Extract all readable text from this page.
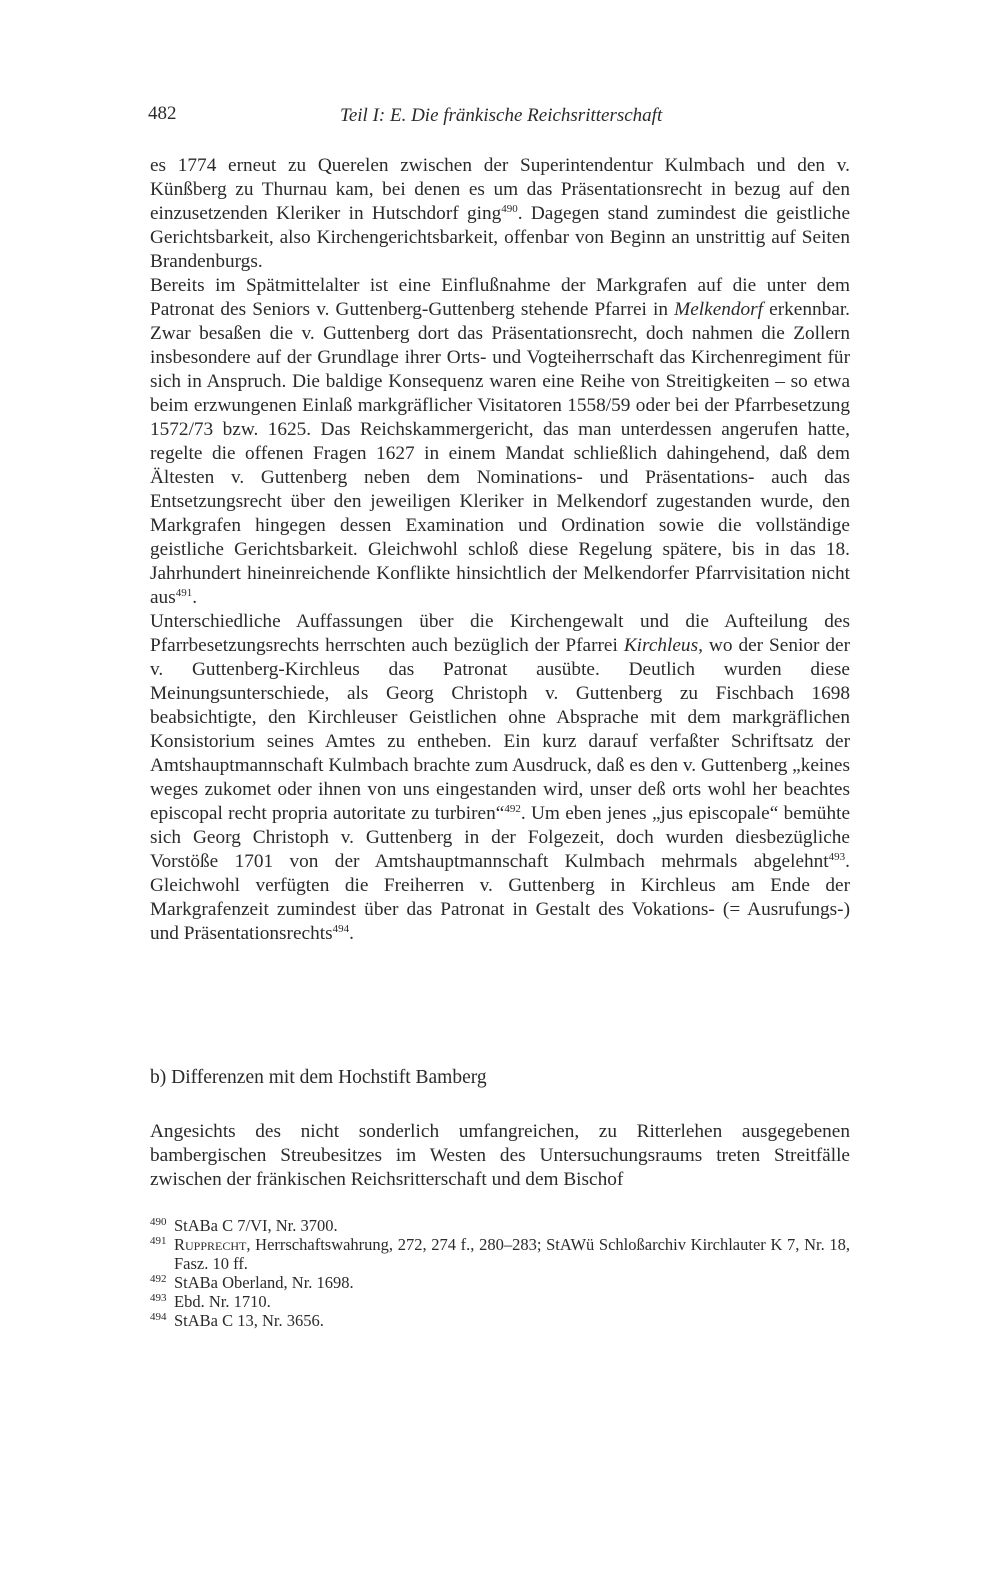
482	Teil I: E. Die fränkische Reichsritterschaft

es 1774 erneut zu Querelen zwischen der Superintendentur Kulmbach und den v. Künßberg zu Thurnau kam, bei denen es um das Präsentationsrecht in bezug auf den einzusetzenden Kleriker in Hutschdorf ging$^{490}$. Dagegen stand zumindest die geistliche Gerichtsbarkeit, also Kirchengerichtsbarkeit, offenbar von Beginn an unstrittig auf Seiten Brandenburgs.

Bereits im Spätmittelalter ist eine Einflußnahme der Markgrafen auf die unter dem Patronat des Seniors v. Guttenberg-Guttenberg stehende Pfarrei in Melkendorf erkennbar. Zwar besaßen die v. Guttenberg dort das Präsentationsrecht, doch nahmen die Zollern insbesondere auf der Grundlage ihrer Orts- und Vogteiherrschaft das Kirchenregiment für sich in Anspruch. Die baldige Konsequenz waren eine Reihe von Streitigkeiten – so etwa beim erzwungenen Einlaß markgräflicher Visitatoren 1558/59 oder bei der Pfarrbesetzung 1572/73 bzw. 1625. Das Reichskammergericht, das man unterdessen angerufen hatte, regelte die offenen Fragen 1627 in einem Mandat schließlich dahingehend, daß dem Ältesten v. Guttenberg neben dem Nominations- und Präsentations- auch das Entsetzungsrecht über den jeweiligen Kleriker in Melkendorf zugestanden wurde, den Markgrafen hingegen dessen Examination und Ordination sowie die vollständige geistliche Gerichtsbarkeit. Gleichwohl schloß diese Regelung spätere, bis in das 18. Jahrhundert hineinreichende Konflikte hinsichtlich der Melkendorfer Pfarrvisitation nicht aus$^{491}$.

Unterschiedliche Auffassungen über die Kirchengewalt und die Aufteilung des Pfarrbesetzungsrechts herrschten auch bezüglich der Pfarrei Kirchleus, wo der Senior der v. Guttenberg-Kirchleus das Patronat ausübte. Deutlich wurden diese Meinungsunterschiede, als Georg Christoph v. Guttenberg zu Fischbach 1698 beabsichtigte, den Kirchleuser Geistlichen ohne Absprache mit dem markgräflichen Konsistorium seines Amtes zu entheben. Ein kurz darauf verfaßter Schriftsatz der Amtshauptmannschaft Kulmbach brachte zum Ausdruck, daß es den v. Guttenberg „keines weges zukomet oder ihnen von uns eingestanden wird, unser deß orts wohl her beachtes episcopal recht propria autoritate zu turbiren“$^{492}$. Um eben jenes „jus episcopale“ bemühte sich Georg Christoph v. Guttenberg in der Folgezeit, doch wurden diesbezügliche Vorstöße 1701 von der Amtshauptmannschaft Kulmbach mehrmals abgelehnt$^{493}$. Gleichwohl verfügten die Freiherren v. Guttenberg in Kirchleus am Ende der Markgrafenzeit zumindest über das Patronat in Gestalt des Vokations- (= Ausrufungs-) und Präsentationsrechts$^{494}$.

b) Differenzen mit dem Hochstift Bamberg
Angesichts des nicht sonderlich umfangreichen, zu Ritterlehen ausgegebenen bambergischen Streubesitzes im Westen des Untersuchungsraums treten Streitfälle zwischen der fränkischen Reichsritterschaft und dem Bischof
490 StABa C 7/VI, Nr. 3700.
491 Rupprecht, Herrschaftswahrung, 272, 274 f., 280–283; StAWü Schloßarchiv Kirchlauter K 7, Nr. 18, Fasz. 10 ff.
492 StABa Oberland, Nr. 1698.
493 Ebd. Nr. 1710.
494 StABa C 13, Nr. 3656.
